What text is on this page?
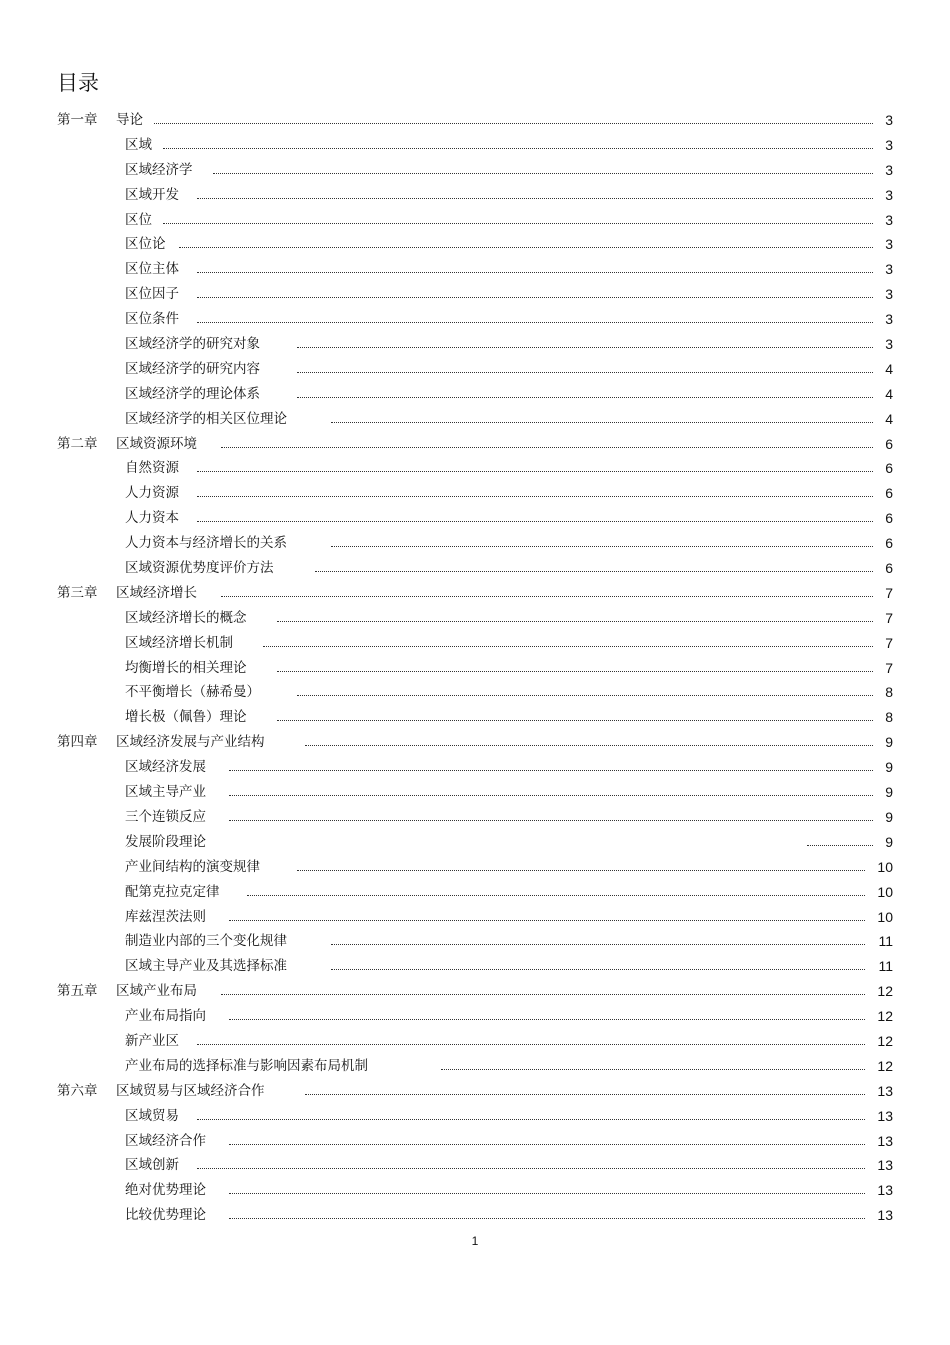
目录
第一章 导论	3
区域	3
区域经济学	3
区域开发	3
区位	3
区位论	3
区位主体	3
区位因子	3
区位条件	3
区域经济学的研究对象	3
区域经济学的研究内容	4
区域经济学的理论体系	4
区域经济学的相关区位理论	4
第二章 区域资源环境	6
自然资源	6
人力资源	6
人力资本	6
人力资本与经济增长的关系	6
区域资源优势度评价方法	6
第三章 区域经济增长	7
区域经济增长的概念	7
区域经济增长机制	7
均衡增长的相关理论	7
不平衡增长（赫希曼）	8
增长极（佩鲁）理论	8
第四章 区域经济发展与产业结构	9
区域经济发展	9
区域主导产业	9
三个连锁反应	9
发展阶段理论	9
产业间结构的演变规律	10
配第克拉克定律	10
库兹涅茨法则	10
制造业内部的三个变化规律	11
区域主导产业及其选择标准	11
第五章 区域产业布局	12
产业布局指向	12
新产业区	12
产业布局的选择标准与影响因素布局机制	12
第六章 区域贸易与区域经济合作	13
区域贸易	13
区域经济合作	13
区域创新	13
绝对优势理论	13
比较优势理论	13
1
